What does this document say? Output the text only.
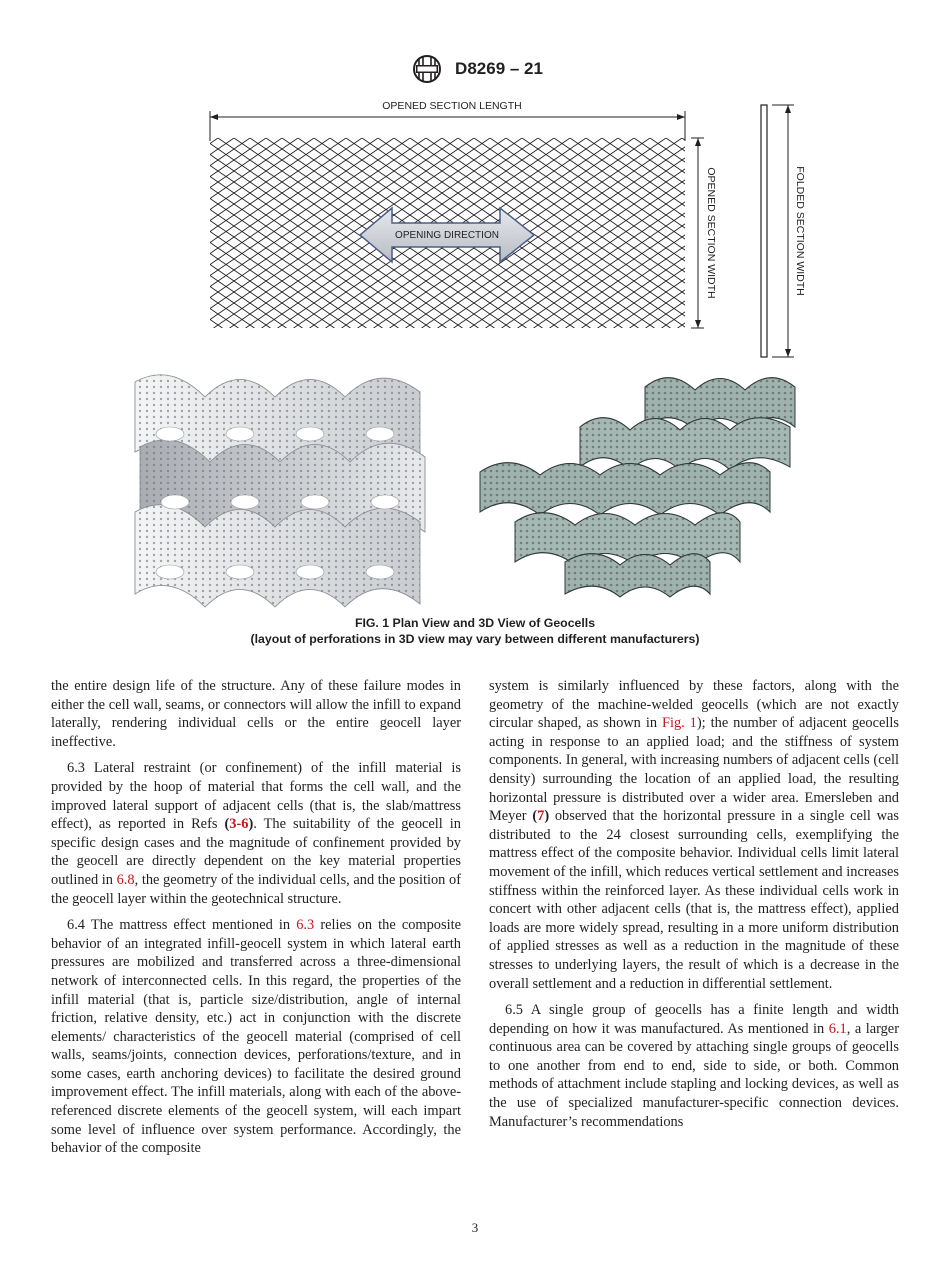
D8269 – 21
OPENED SECTION LENGTH
OPENING DIRECTION	OPENED SECTION WIDTH	FOLDED SECTION WIDTH
FIG. 1 Plan View and 3D View of Geocells
(layout of perforations in 3D view may vary between different manufacturers)

the entire design life of the structure. Any of these failure modes in either the cell wall, seams, or connectors will allow the infill to expand laterally, rendering individual cells or the entire geocell layer ineffective.

6.3 Lateral restraint (or confinement) of the infill material is provided by the hoop of material that forms the cell wall, and the improved lateral support of adjacent cells (that is, the slab/mattress effect), as reported in Refs (3-6). The suitability of the geocell in specific design cases and the magnitude of confinement provided by the geocell are directly dependent on the key material properties outlined in 6.8, the geometry of the individual cells, and the position of the geocell layer within the geotechnical structure.

6.4 The mattress effect mentioned in 6.3 relies on the composite behavior of an integrated infill-geocell system in which lateral earth pressures are mobilized and transferred across a three-dimensional network of interconnected cells. In this regard, the properties of the infill material (that is, particle size/distribution, angle of internal friction, relative density, etc.) act in conjunction with the discrete elements/ characteristics of the geocell material (comprised of cell walls, seams/joints, connection devices, perforations/texture, and in some cases, earth anchoring devices) to facilitate the desired ground improvement effect. The infill materials, along with each of the above-referenced discrete elements of the geocell system, will each impart some level of influence over system performance. Accordingly, the behavior of the composite

system is similarly influenced by these factors, along with the geometry of the machine-welded geocells (which are not exactly circular shaped, as shown in Fig. 1); the number of adjacent geocells acting in response to an applied load; and the stiffness of system components. In general, with increasing numbers of adjacent cells (cell density) surrounding the location of an applied load, the resulting horizontal pressure is distributed over a wider area. Emersleben and Meyer (7) observed that the horizontal pressure in a single cell was distributed to the 24 closest surrounding cells, exemplifying the mattress effect of the composite behavior. Individual cells limit lateral movement of the infill, which reduces vertical settlement and increases stiffness within the reinforced layer. As these individual cells work in concert with other adjacent cells (that is, the mattress effect), applied loads are more widely spread, resulting in a more uniform distribution of applied stresses as well as a reduction in the magnitude of these stresses to underlying layers, the result of which is a decrease in the overall settlement and a reduction in differential settlement.

6.5 A single group of geocells has a finite length and width depending on how it was manufactured. As mentioned in 6.1, a larger continuous area can be covered by attaching single groups of geocells to one another from end to end, side to side, or both. Common methods of attachment include stapling and locking devices, as well as the use of specialized manufacturer-specific connection devices. Manufacturer’s recommendations

3
